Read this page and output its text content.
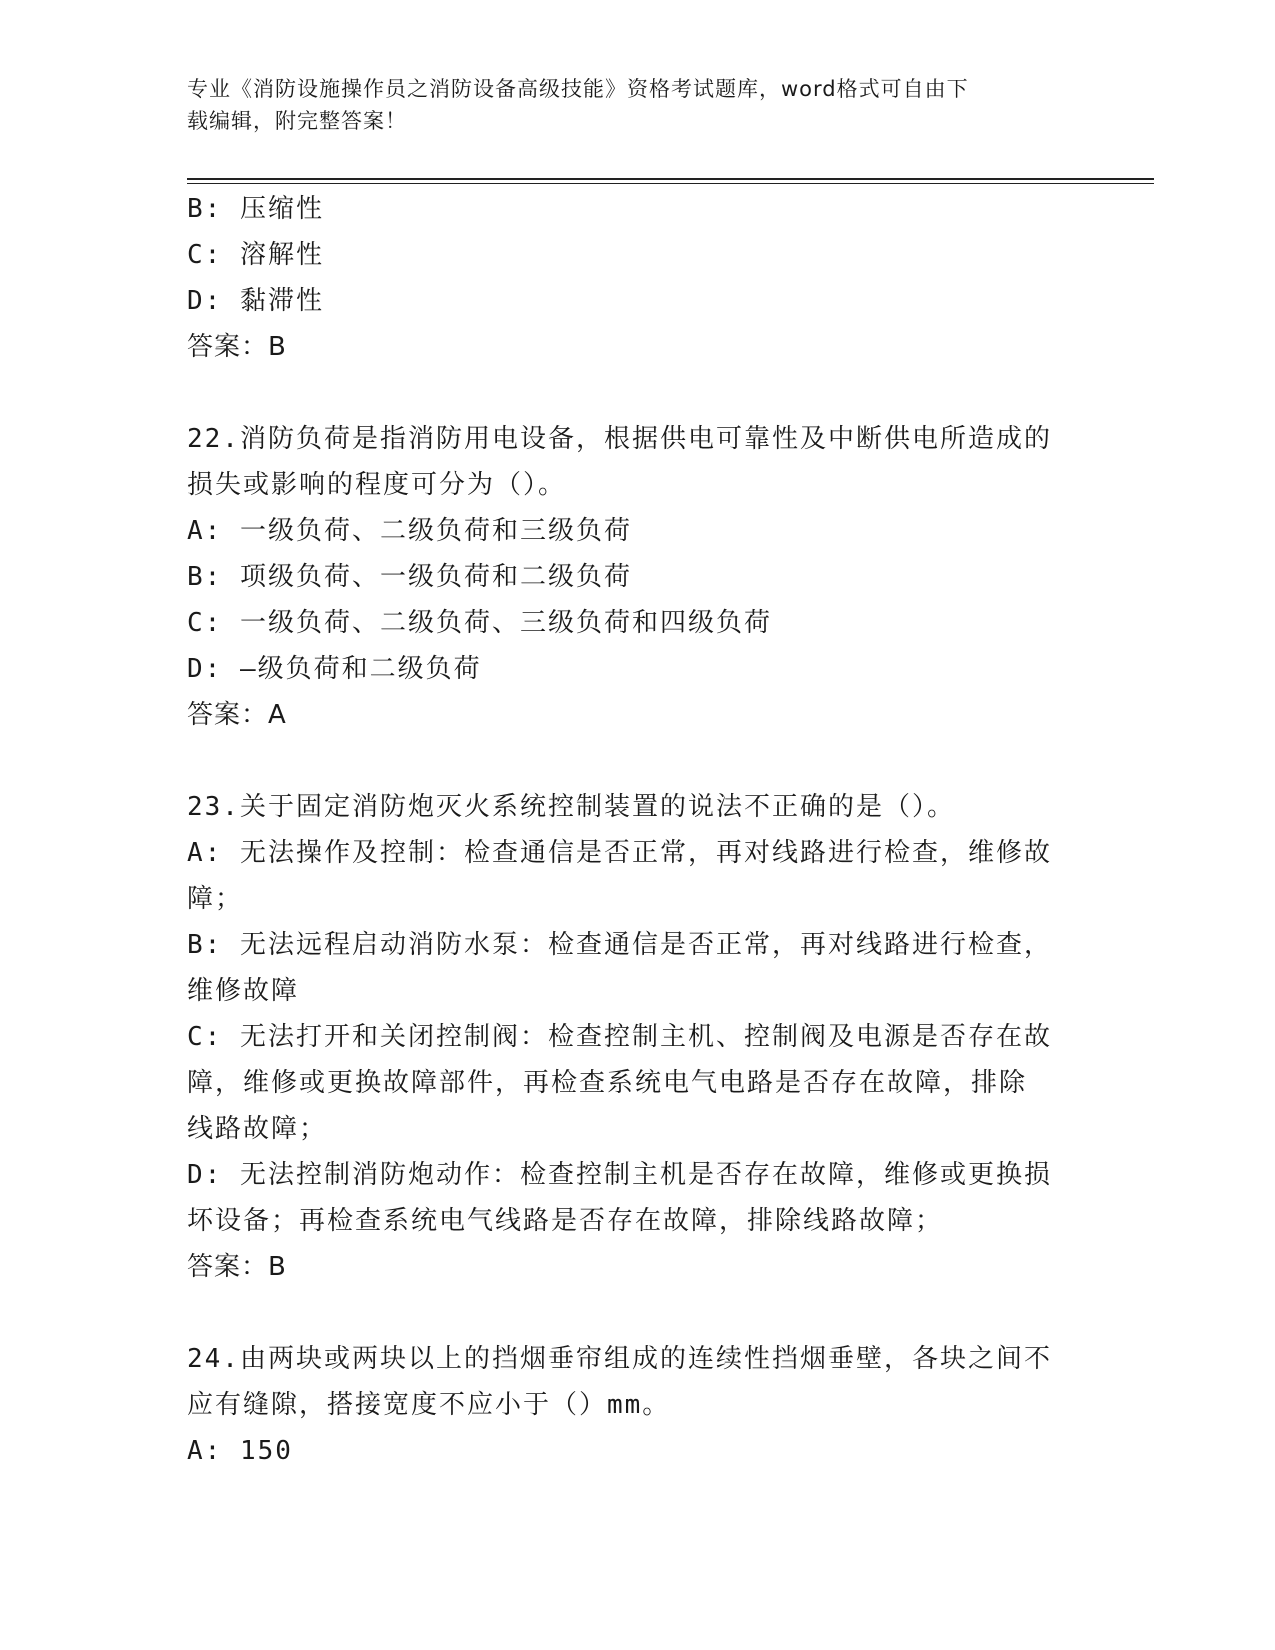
专业《消防设施操作员之消防设备高级技能》资格考试题库，word格式可自由下
载编辑，附完整答案！
B: 压缩性
C: 溶解性
D: 黏滞性
答案：B
22.消防负荷是指消防用电设备，根据供电可靠性及中断供电所造成的
损失或影响的程度可分为（）。
A: 一级负荷、二级负荷和三级负荷
B: 项级负荷、一级负荷和二级负荷
C: 一级负荷、二级负荷、三级负荷和四级负荷
D: —级负荷和二级负荷
答案：A
23.关于固定消防炮灭火系统控制装置的说法不正确的是（）。
A: 无法操作及控制：检查通信是否正常，再对线路进行检查，维修故
障；
B: 无法远程启动消防水泵：检查通信是否正常，再对线路进行检查，
维修故障
C: 无法打开和关闭控制阀：检查控制主机、控制阀及电源是否存在故
障，维修或更换故障部件，再检查系统电气电路是否存在故障，排除
线路故障；
D: 无法控制消防炮动作：检查控制主机是否存在故障，维修或更换损
坏设备；再检查系统电气线路是否存在故障，排除线路故障；
答案：B
24.由两块或两块以上的挡烟垂帘组成的连续性挡烟垂壁，各块之间不
应有缝隙，搭接宽度不应小于（）mm。
A: 150
